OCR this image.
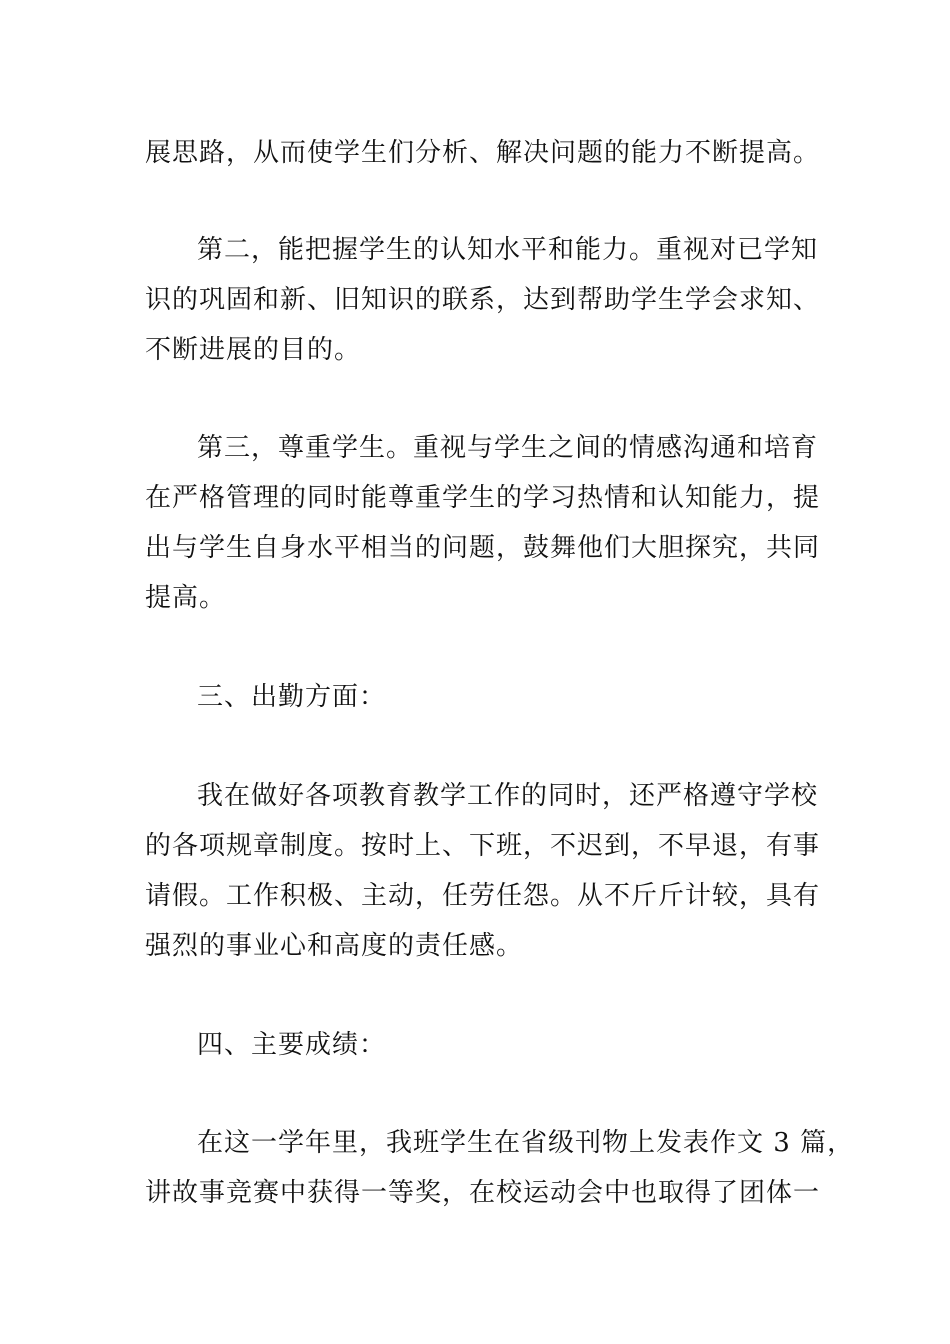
展思路，从而使学生们分析、解决问题的能力不断提高。
第二，能把握学生的认知水平和能力。重视对已学知
识的巩固和新、旧知识的联系，达到帮助学生学会求知、
不断进展的目的。
第三，尊重学生。重视与学生之间的情感沟通和培育
在严格管理的同时能尊重学生的学习热情和认知能力，提
出与学生自身水平相当的问题，鼓舞他们大胆探究，共同
提高。
三、出勤方面：
我在做好各项教育教学工作的同时，还严格遵守学校
的各项规章制度。按时上、下班，不迟到，不早退，有事
请假。工作积极、主动，任劳任怨。从不斤斤计较，具有
强烈的事业心和高度的责任感。
四、主要成绩：
在这一学年里，我班学生在省级刊物上发表作文 3 篇，
讲故事竞赛中获得一等奖，在校运动会中也取得了团体一
